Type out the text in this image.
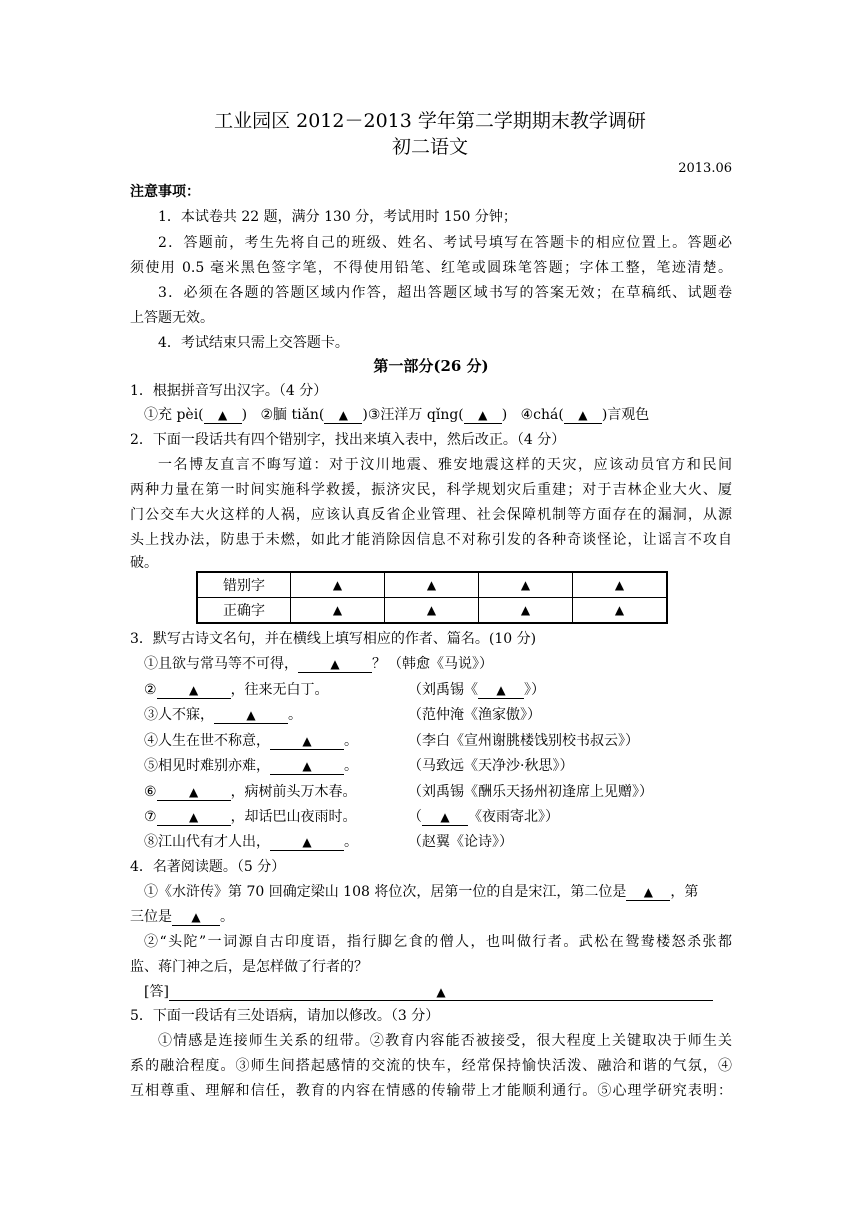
工业园区 2012－2013 学年第二学期期末教学调研
初二语文
2013.06
注意事项：
1．本试卷共 22 题，满分 130 分，考试用时 150 分钟；
2．答题前，考生先将自己的班级、姓名、考试号填写在答题卡的相应位置上。答题必
须使用 0.5 毫米黑色签字笔，不得使用铅笔、红笔或圆珠笔答题；字体工整，笔迹清楚。
3．必须在各题的答题区域内作答，超出答题区域书写的答案无效；在草稿纸、试题卷
上答题无效。
4．考试结束只需上交答题卡。
第一部分(26 分)
1．根据拼音写出汉字。（4 分）
①充 pèi( ▲ ) ②腼 tiǎn( ▲ )③汪洋万 qǐng( ▲ ) ④chá( ▲ )言观色
2．下面一段话共有四个错别字，找出来填入表中，然后改正。（4 分）
一名博友直言不晦写道：对于汶川地震、雅安地震这样的天灾，应该动员官方和民间
两种力量在第一时间实施科学救援，振济灾民，科学规划灾后重建；对于吉林企业大火、厦
门公交车大火这样的人祸，应该认真反省企业管理、社会保障机制等方面存在的漏洞，从源
头上找办法，防患于未燃，如此才能消除因信息不对称引发的各种奇谈怪论，让谣言不攻自
破。
错别字	▲	▲	▲	▲
正确字	▲	▲	▲	▲
3．默写古诗文名句，并在横线上填写相应的作者、篇名。(10 分)
①且欲与常马等不可得，	▲ ？ （韩愈《马说》）
②	▲ ，往来无白丁。	（刘禹锡《 ▲ 》）
③人不寐，	▲ 。	（范仲淹《渔家傲》）
④人生在世不称意，	▲ 。	（李白《宣州谢朓楼饯别校书叔云》）
⑤相见时难别亦难，	▲ 。	（马致远《天净沙·秋思》）
⑥	▲ ，病树前头万木春。	（刘禹锡《酬乐天扬州初逢席上见赠》）
⑦	▲ ，却话巴山夜雨时。	（ ▲ 《夜雨寄北》）
⑧江山代有才人出，	▲ 。	（赵翼《论诗》）
4．名著阅读题。（5 分）
①《水浒传》第 70 回确定梁山 108 将位次，居第一位的自是宋江，第二位是 ▲ ，第
三位是 ▲ 。
②“头陀”一词源自古印度语，指行脚乞食的僧人，也叫做行者。武松在鸳鸯楼怒杀张都
监、蒋门神之后，是怎样做了行者的？
[答]	▲
5．下面一段话有三处语病，请加以修改。（3 分）
①情感是连接师生关系的纽带。②教育内容能否被接受，很大程度上关键取决于师生关
系的融洽程度。③师生间搭起感情的交流的快车，经常保持愉快活泼、融洽和谐的气氛，④
互相尊重、理解和信任，教育的内容在情感的传输带上才能顺利通行。⑤心理学研究表明：
